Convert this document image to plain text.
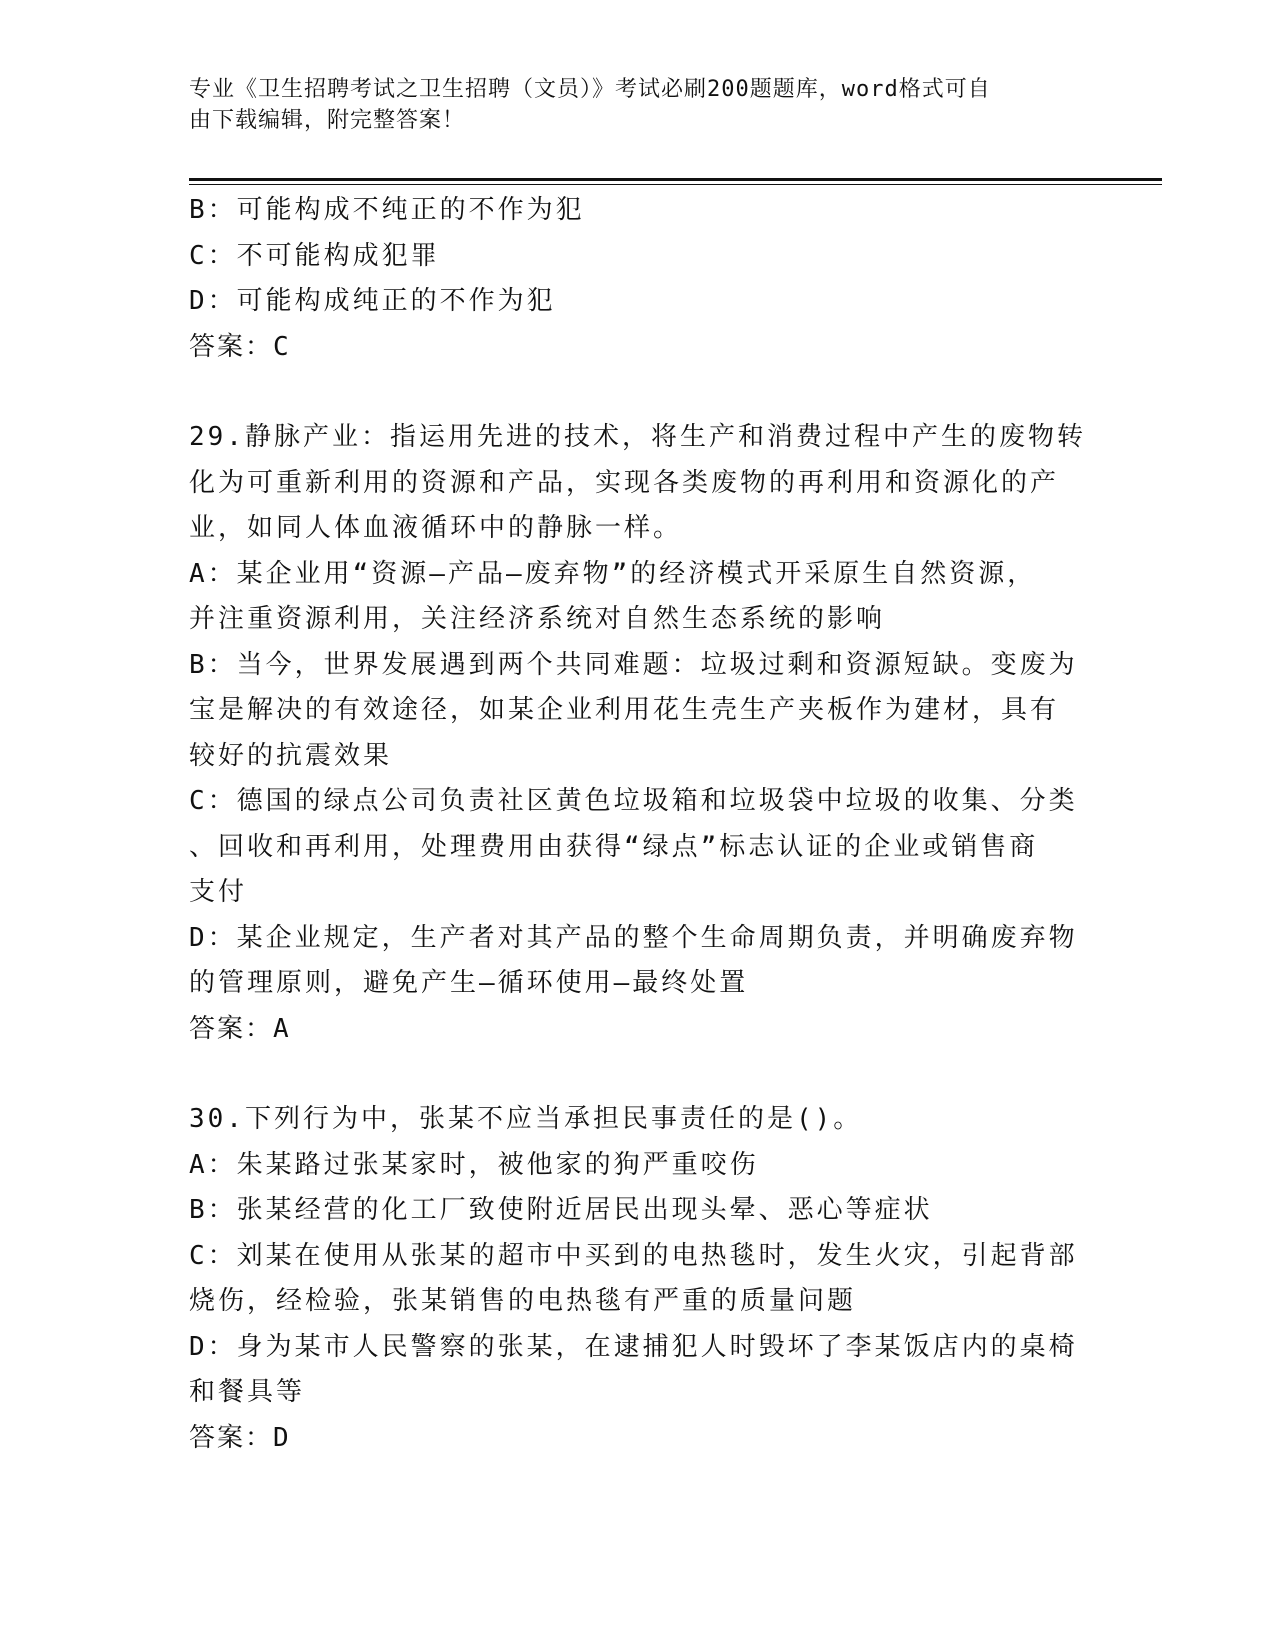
专业《卫生招聘考试之卫生招聘（文员）》考试必刷200题题库，word格式可自
由下载编辑，附完整答案！

B：可能构成不纯正的不作为犯

C：不可能构成犯罪

D：可能构成纯正的不作为犯

答案：C

29.静脉产业：指运用先进的技术，将生产和消费过程中产生的废物转

化为可重新利用的资源和产品，实现各类废物的再利用和资源化的产

业，如同人体血液循环中的静脉一样。

A：某企业用“资源—产品—废弃物”的经济模式开采原生自然资源，

并注重资源利用，关注经济系统对自然生态系统的影响

B：当今，世界发展遇到两个共同难题：垃圾过剩和资源短缺。变废为

宝是解决的有效途径，如某企业利用花生壳生产夹板作为建材，具有

较好的抗震效果

C：德国的绿点公司负责社区黄色垃圾箱和垃圾袋中垃圾的收集、分类

、回收和再利用，处理费用由获得“绿点”标志认证的企业或销售商

支付

D：某企业规定，生产者对其产品的整个生命周期负责，并明确废弃物

的管理原则，避免产生—循环使用—最终处置

答案：A

30.下列行为中，张某不应当承担民事责任的是()。

A：朱某路过张某家时，被他家的狗严重咬伤

B：张某经营的化工厂致使附近居民出现头晕、恶心等症状

C：刘某在使用从张某的超市中买到的电热毯时，发生火灾，引起背部

烧伤，经检验，张某销售的电热毯有严重的质量问题

D：身为某市人民警察的张某，在逮捕犯人时毁坏了李某饭店内的桌椅

和餐具等

答案：D
